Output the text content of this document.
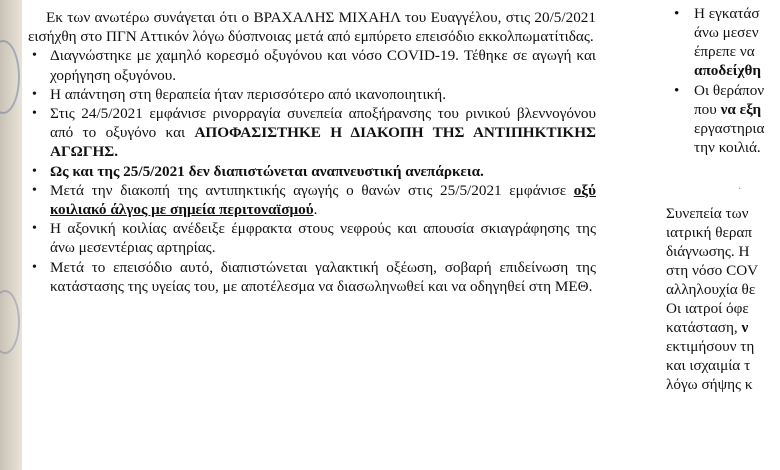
Εκ των ανωτέρω συνάγεται ότι ο ΒΡΑΧΑΛΗΣ ΜΙΧΑΗΛ του Ευαγγέλου, στις 20/5/2021 εισήχθη στο ΠΓΝ Αττικόν λόγω δύσπνοιας μετά από εμπύρετο επεισόδιο εκκολπωματίτιδας.

• Διαγνώστηκε με χαμηλό κορεσμό οξυγόνου και νόσο COVID-19. Τέθηκε σε αγωγή και χορήγηση οξυγόνου.
• Η απάντηση στη θεραπεία ήταν περισσότερο από ικανοποιητική.
• Στις 24/5/2021 εμφάνισε ρινορραγία συνεπεία αποξήρανσης του ρινικού βλεννογόνου από το οξυγόνο και ΑΠΟΦΑΣΙΣΤΗΚΕ Η ΔΙΑΚΟΠΗ ΤΗΣ ΑΝΤΙΠΗΚΤΙΚΗΣ ΑΓΩΓΗΣ.
• Ως και της 25/5/2021 δεν διαπιστώνεται αναπνευστική ανεπάρκεια.
• Μετά την διακοπή της αντιπηκτικής αγωγής ο θανών στις 25/5/2021 εμφάνισε οξύ κοιλιακό άλγος με σημεία περιτοναϊσμού.
• Η αξονική κοιλίας ανέδειξε έμφρακτα στους νεφρούς και απουσία σκιαγράφησης της άνω μεσεντέριας αρτηρίας.
• Μετά το επεισόδιο αυτό, διαπιστώνεται γαλακτική οξέωση, σοβαρή επιδείνωση της κατάστασης της υγείας του, με αποτέλεσμα να διασωληνωθεί και να οδηγηθεί στη ΜΕΘ.
• Η εγκατάσ
άνω μεσεν
έπρεπε να
αποδείχθη
• Οι θεράπον
που να εξη
εργαστηρια
την κοιλιά.
Συνεπεία των
ιατρική θεραπ
διάγνωσης. Η
στη νόσο COV
αλληλουχία θε
Οι ιατροί όφε
κατάσταση, ν
εκτιμήσουν τη
και ισχαιμία τ
λόγω σήψης κ
·
